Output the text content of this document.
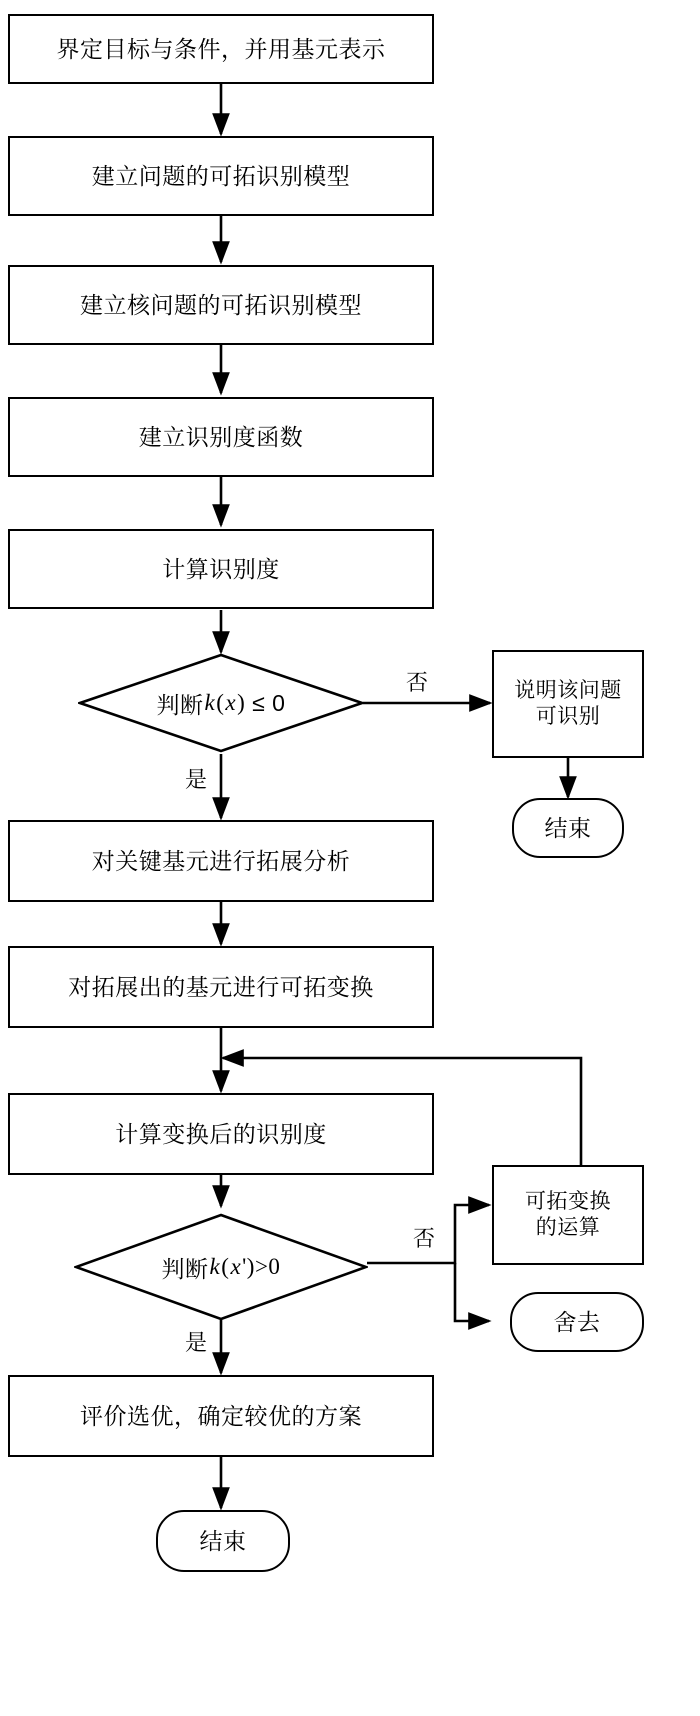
界定目标与条件，并用基元表示
建立问题的可拓识别模型
建立核问题的可拓识别模型
建立识别度函数
计算识别度
判断 k ( x ) ≤ 0	说明该问题
可识别
结束
对关键基元进行拓展分析
对拓展出的基元进行可拓变换
计算变换后的识别度
判断 k ( x ')>0
可拓变换
的运算
舍去
评价选优，确定较优的方案
结束
否
是
否
是
